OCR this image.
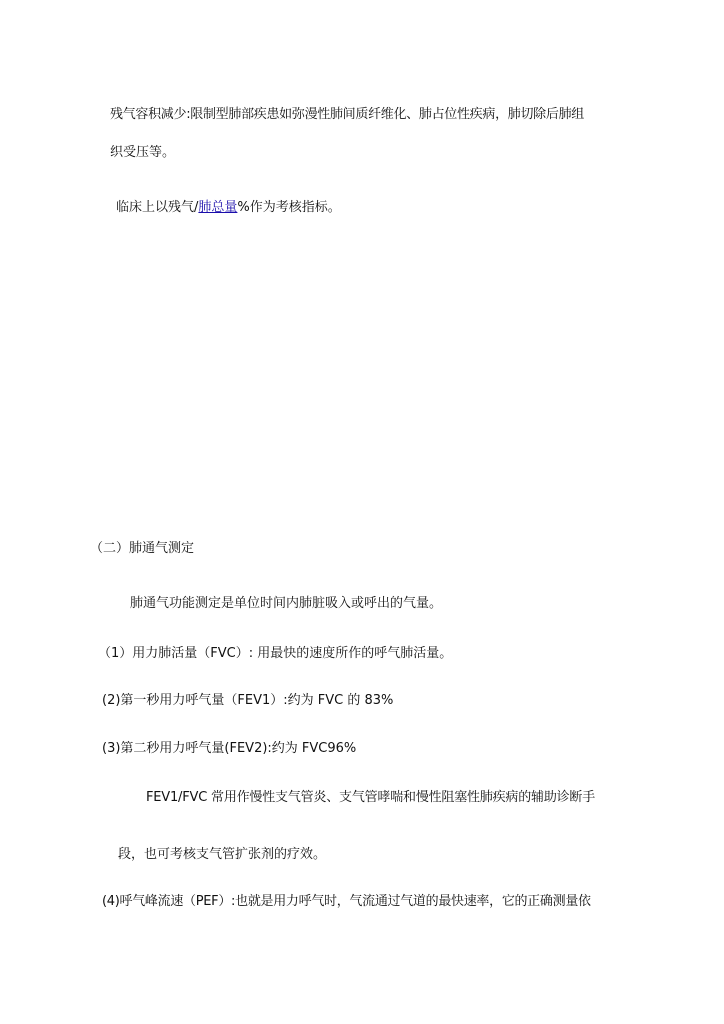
残气容积减少:限制型肺部疾患如弥漫性肺间质纤维化、肺占位性疾病，肺切除后肺组
织受压等。
临床上以残气/肺总量%作为考核指标。
（二）肺通气测定
肺通气功能测定是单位时间内肺脏吸入或呼出的气量。
（1）用力肺活量（FVC）: 用最快的速度所作的呼气肺活量。
(2)第一秒用力呼气量（FEV1）:约为 FVC 的 83%
(3)第二秒用力呼气量(FEV2):约为 FVC96%
FEV1/FVC 常用作慢性支气管炎、支气管哮喘和慢性阻塞性肺疾病的辅助诊断手
段，也可考核支气管扩张剂的疗效。
(4)呼气峰流速（PEF）:也就是用力呼气时，气流通过气道的最快速率，它的正确测量依
